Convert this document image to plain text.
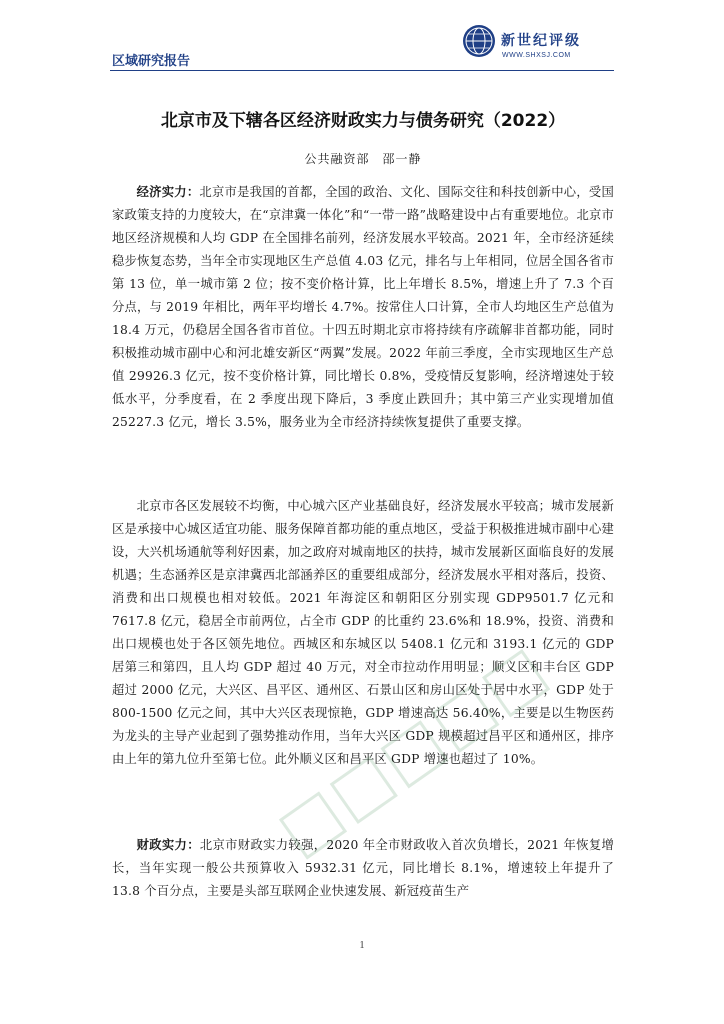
区域研究报告
新世纪评级
WWW.SHXSJ.COM
北京市及下辖各区经济财政实力与债务研究（2022）
公共融资部　邵一静

经济实力：北京市是我国的首都，全国的政治、文化、国际交往和科技创新中心，受国家政策支持的力度较大，在“京津冀一体化”和“一带一路”战略建设中占有重要地位。北京市地区经济规模和人均 GDP 在全国排名前列，经济发展水平较高。2021 年，全市经济延续稳步恢复态势，当年全市实现地区生产总值 4.03 亿元，排名与上年相同，位居全国各省市第 13 位，单一城市第 2 位；按不变价格计算，比上年增长 8.5%，增速上升了 7.3 个百分点，与 2019 年相比，两年平均增长 4.7%。按常住人口计算，全市人均地区生产总值为 18.4 万元，仍稳居全国各省市首位。十四五时期北京市将持续有序疏解非首都功能，同时积极推动城市副中心和河北雄安新区“两翼”发展。2022 年前三季度，全市实现地区生产总值 29926.3 亿元，按不变价格计算，同比增长 0.8%，受疫情反复影响，经济增速处于较低水平，分季度看，在 2 季度出现下降后，3 季度止跌回升；其中第三产业实现增加值 25227.3 亿元，增长 3.5%，服务业为全市经济持续恢复提供了重要支撑。

北京市各区发展较不均衡，中心城六区产业基础良好，经济发展水平较高；城市发展新区是承接中心城区适宜功能、服务保障首都功能的重点地区，受益于积极推进城市副中心建设，大兴机场通航等利好因素，加之政府对城南地区的扶持，城市发展新区面临良好的发展机遇；生态涵养区是京津冀西北部涵养区的重要组成部分，经济发展水平相对落后，投资、消费和出口规模也相对较低。2021 年海淀区和朝阳区分别实现 GDP9501.7 亿元和 7617.8 亿元，稳居全市前两位，占全市 GDP 的比重约 23.6%和 18.9%，投资、消费和出口规模也处于各区领先地位。西城区和东城区以 5408.1 亿元和 3193.1 亿元的 GDP 居第三和第四，且人均 GDP 超过 40 万元，对全市拉动作用明显；顺义区和丰台区 GDP 超过 2000 亿元，大兴区、昌平区、通州区、石景山区和房山区处于居中水平，GDP 处于 800-1500 亿元之间，其中大兴区表现惊艳，GDP 增速高达 56.40%，主要是以生物医药为龙头的主导产业起到了强势推动作用，当年大兴区 GDP 规模超过昌平区和通州区，排序由上年的第九位升至第七位。此外顺义区和昌平区 GDP 增速也超过了 10%。

财政实力：北京市财政实力较强，2020 年全市财政收入首次负增长，2021 年恢复增长，当年实现一般公共预算收入 5932.31 亿元，同比增长 8.1%，增速较上年提升了 13.8 个百分点，主要是头部互联网企业快速发展、新冠疫苗生产

1
